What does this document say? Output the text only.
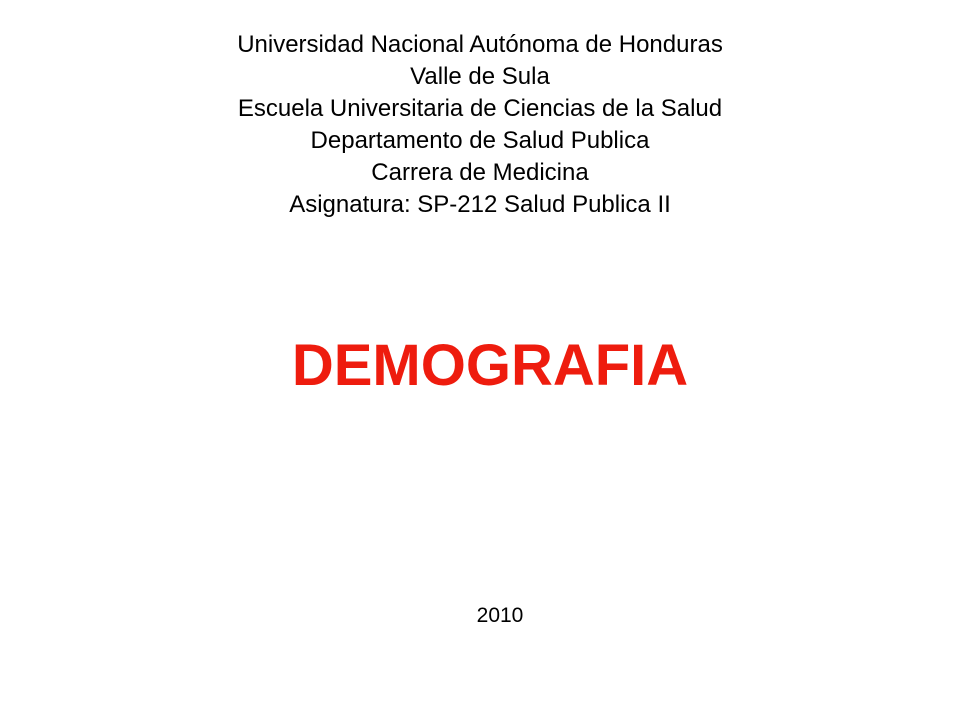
Universidad Nacional Autónoma de Honduras
Valle de Sula
Escuela Universitaria de Ciencias de la Salud
Departamento de Salud Publica
Carrera de Medicina
Asignatura: SP-212 Salud Publica II
DEMOGRAFIA
2010
